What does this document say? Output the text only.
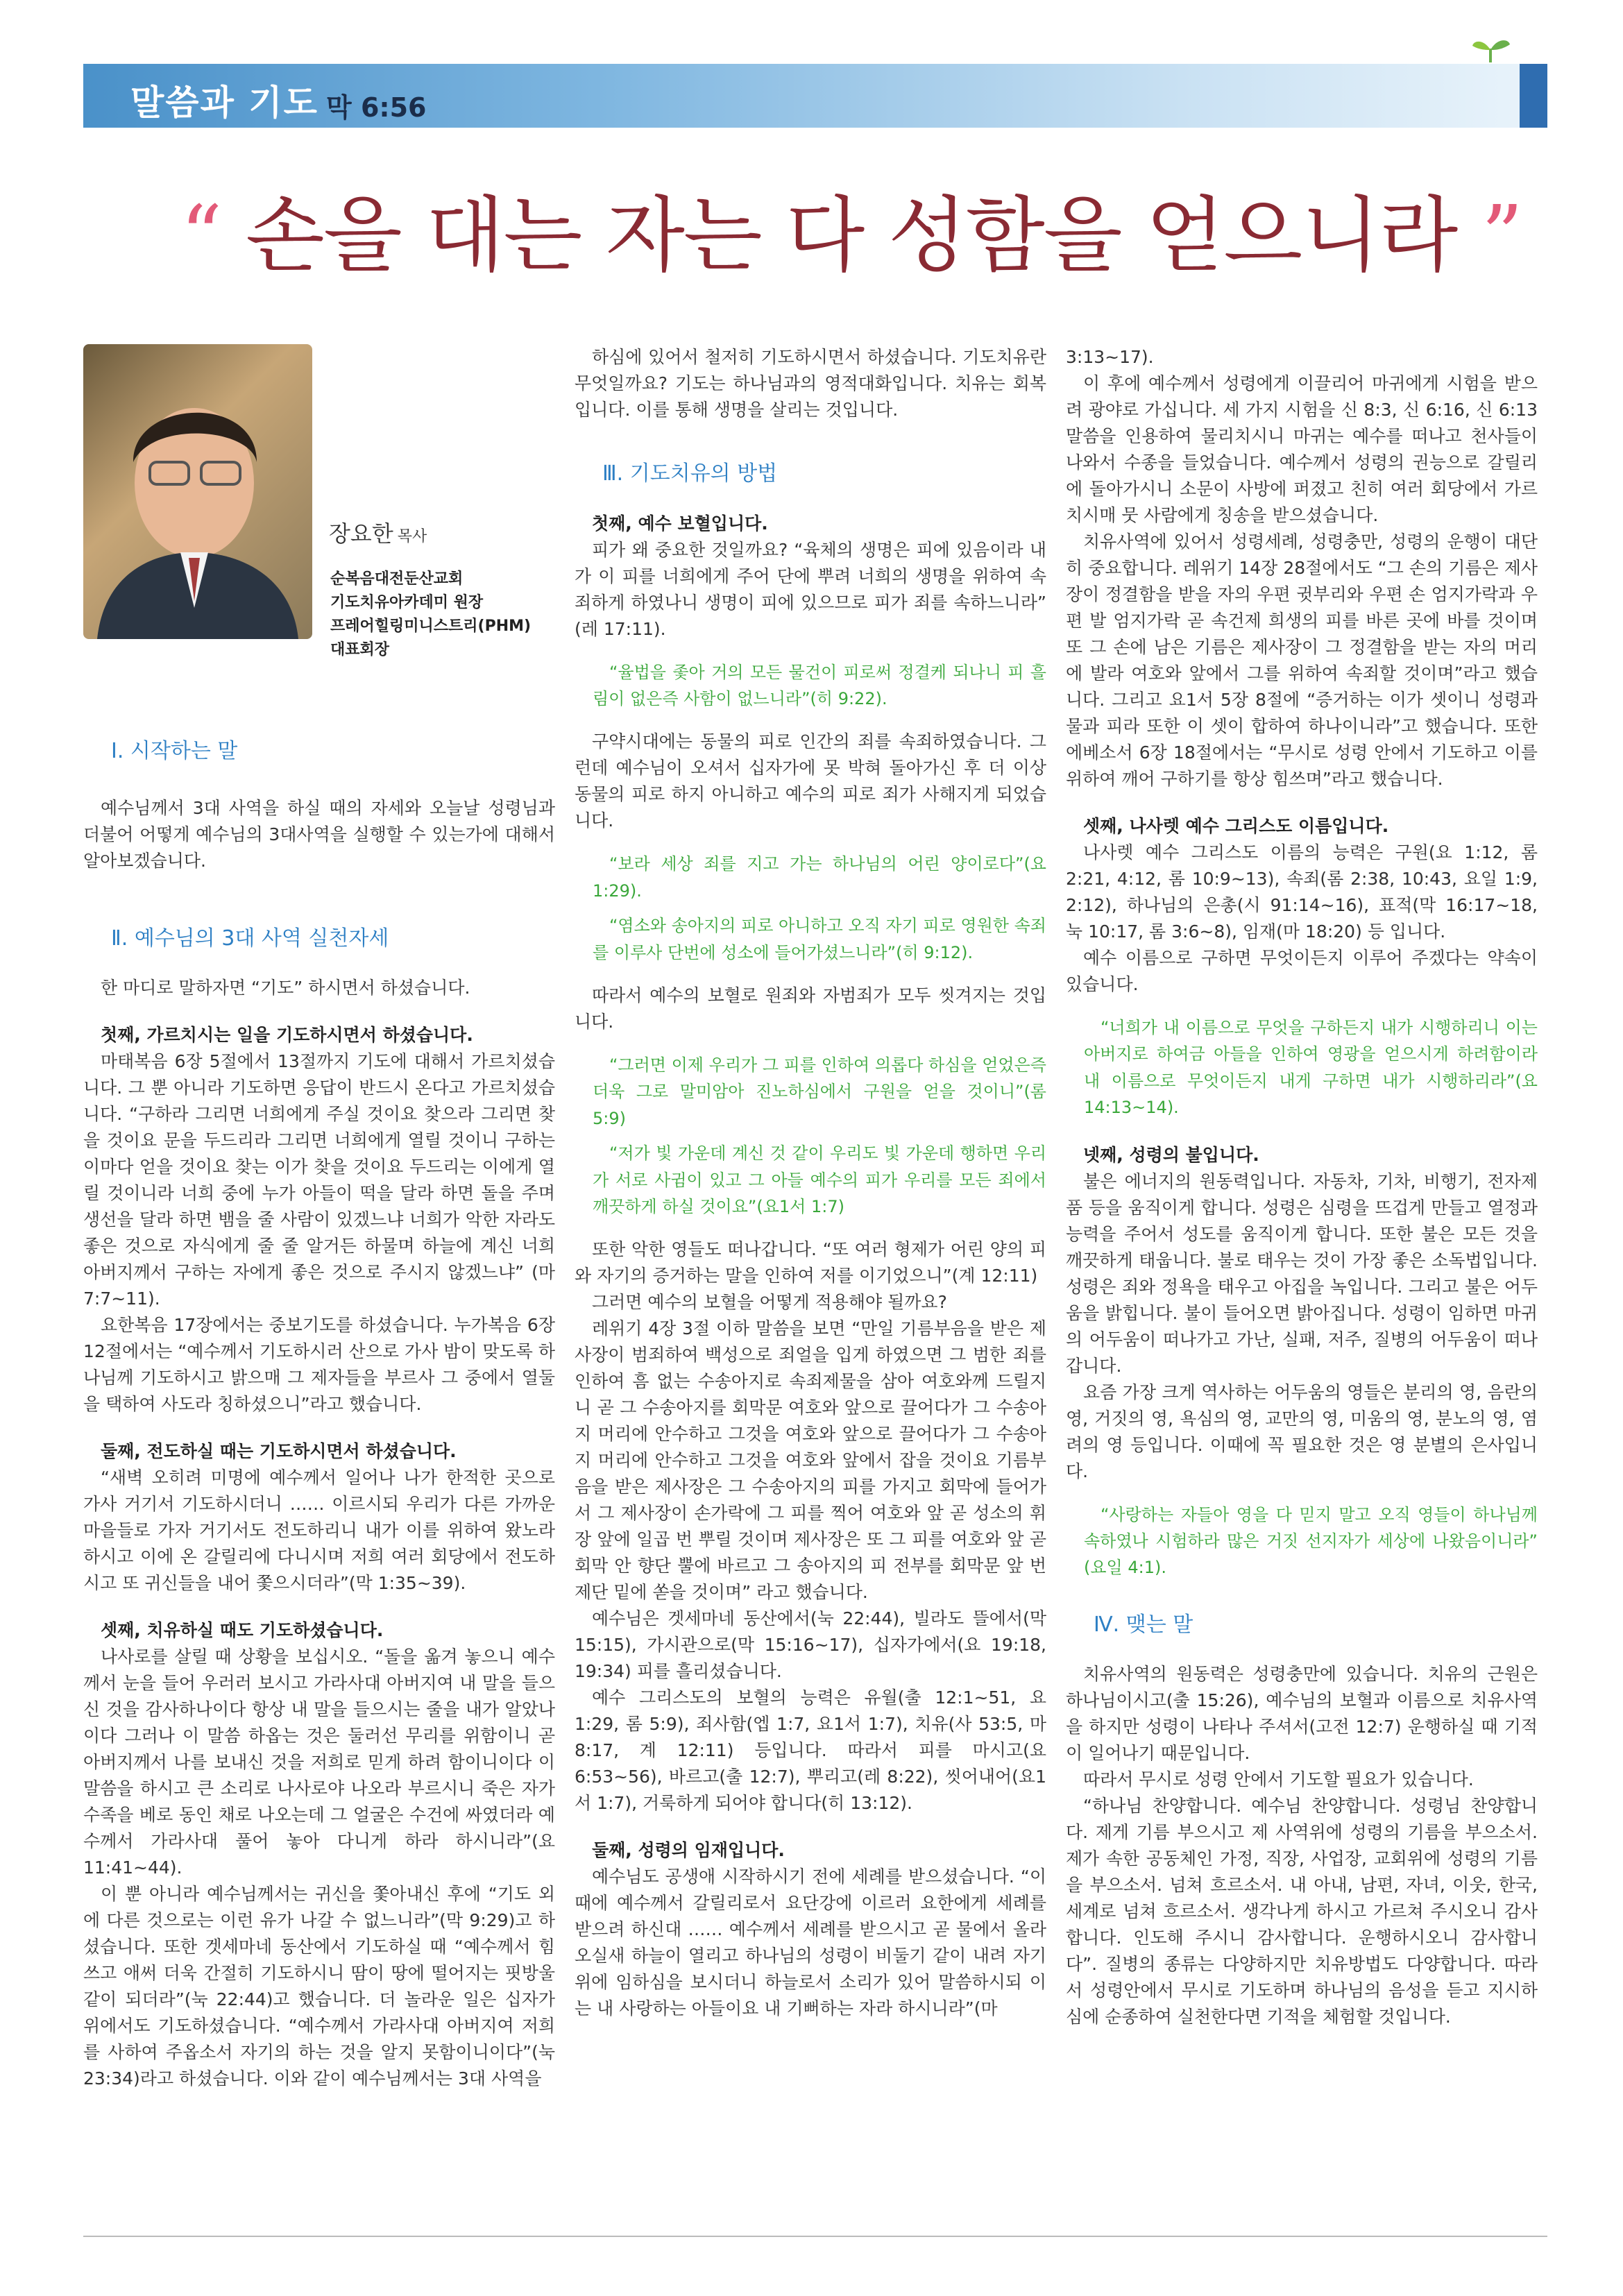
말씀과 기도 막 6:56
“ 손을 대는 자는 다 성함을 얻으니라 ”
장요한 목사
순복음대전둔산교회
기도치유아카데미 원장
프레어힐링미니스트리(PHM)
대표회장
Ⅰ. 시작하는 말

예수님께서 3대 사역을 하실 때의 자세와 오늘날 성령님과 더불어 어떻게 예수님의 3대사역을 실행할 수 있는가에 대해서 알아보겠습니다.

Ⅱ. 예수님의 3대 사역 실천자세

한 마디로 말하자면 “기도” 하시면서 하셨습니다.

첫째, 가르치시는 일을 기도하시면서 하셨습니다.

마태복음 6장 5절에서 13절까지 기도에 대해서 가르치셨습니다. 그 뿐 아니라 기도하면 응답이 반드시 온다고 가르치셨습니다. “구하라 그리면 너희에게 주실 것이요 찾으라 그리면 찾을 것이요 문을 두드리라 그리면 너희에게 열릴 것이니 구하는 이마다 얻을 것이요 찾는 이가 찾을 것이요 두드리는 이에게 열릴 것이니라 너희 중에 누가 아들이 떡을 달라 하면 돌을 주며 생선을 달라 하면 뱀을 줄 사람이 있겠느냐 너희가 악한 자라도 좋은 것으로 자식에게 줄 줄 알거든 하물며 하늘에 계신 너희 아버지께서 구하는 자에게 좋은 것으로 주시지 않겠느냐” (마 7:7~11).

요한복음 17장에서는 중보기도를 하셨습니다. 누가복음 6장 12절에서는 “예수께서 기도하시러 산으로 가사 밤이 맞도록 하나님께 기도하시고 밝으매 그 제자들을 부르사 그 중에서 열둘을 택하여 사도라 칭하셨으니”라고 했습니다.

둘째, 전도하실 때는 기도하시면서 하셨습니다.

“새벽 오히려 미명에 예수께서 일어나 나가 한적한 곳으로 가사 거기서 기도하시더니 …… 이르시되 우리가 다른 가까운 마을들로 가자 거기서도 전도하리니 내가 이를 위하여 왔노라 하시고 이에 온 갈릴리에 다니시며 저희 여러 회당에서 전도하시고 또 귀신들을 내어 쫓으시더라”(막 1:35~39).

셋째, 치유하실 때도 기도하셨습니다.

나사로를 살릴 때 상황을 보십시오. “돌을 옮겨 놓으니 예수께서 눈을 들어 우러러 보시고 가라사대 아버지여 내 말을 들으신 것을 감사하나이다 항상 내 말을 들으시는 줄을 내가 알았나이다 그러나 이 말씀 하옵는 것은 둘러선 무리를 위함이니 곧 아버지께서 나를 보내신 것을 저희로 믿게 하려 함이니이다 이 말씀을 하시고 큰 소리로 나사로야 나오라 부르시니 죽은 자가 수족을 베로 동인 채로 나오는데 그 얼굴은 수건에 싸였더라 예수께서 가라사대 풀어 놓아 다니게 하라 하시니라”(요 11:41~44).

이 뿐 아니라 예수님께서는 귀신을 쫓아내신 후에 “기도 외에 다른 것으로는 이런 유가 나갈 수 없느니라”(막 9:29)고 하셨습니다. 또한 겟세마네 동산에서 기도하실 때 “예수께서 힘쓰고 애써 더욱 간절히 기도하시니 땀이 땅에 떨어지는 핏방울 같이 되더라”(눅 22:44)고 했습니다. 더 놀라운 일은 십자가 위에서도 기도하셨습니다. “예수께서 가라사대 아버지여 저희를 사하여 주옵소서 자기의 하는 것을 알지 못함이니이다”(눅 23:34)라고 하셨습니다. 이와 같이 예수님께서는 3대 사역을

하심에 있어서 철저히 기도하시면서 하셨습니다. 기도치유란 무엇일까요? 기도는 하나님과의 영적대화입니다. 치유는 회복입니다. 이를 통해 생명을 살리는 것입니다.

Ⅲ. 기도치유의 방법
첫째, 예수 보혈입니다.

피가 왜 중요한 것일까요? “육체의 생명은 피에 있음이라 내가 이 피를 너희에게 주어 단에 뿌려 너희의 생명을 위하여 속죄하게 하였나니 생명이 피에 있으므로 피가 죄를 속하느니라” (레 17:11).

“율법을 좇아 거의 모든 물건이 피로써 정결케 되나니 피 흘림이 없은즉 사함이 없느니라”(히 9:22).

구약시대에는 동물의 피로 인간의 죄를 속죄하였습니다. 그런데 예수님이 오셔서 십자가에 못 박혀 돌아가신 후 더 이상 동물의 피로 하지 아니하고 예수의 피로 죄가 사해지게 되었습니다.

“보라 세상 죄를 지고 가는 하나님의 어린 양이로다”(요 1:29).

“염소와 송아지의 피로 아니하고 오직 자기 피로 영원한 속죄를 이루사 단번에 성소에 들어가셨느니라”(히 9:12).

따라서 예수의 보혈로 원죄와 자범죄가 모두 씻겨지는 것입니다.

“그러면 이제 우리가 그 피를 인하여 의롭다 하심을 얻었은즉 더욱 그로 말미암아 진노하심에서 구원을 얻을 것이니”(롬 5:9)

“저가 빛 가운데 계신 것 같이 우리도 빛 가운데 행하면 우리가 서로 사귐이 있고 그 아들 예수의 피가 우리를 모든 죄에서 깨끗하게 하실 것이요”(요1서 1:7)

또한 악한 영들도 떠나갑니다. “또 여러 형제가 어린 양의 피와 자기의 증거하는 말을 인하여 저를 이기었으니”(계 12:11)

그러면 예수의 보혈을 어떻게 적용해야 될까요?

레위기 4장 3절 이하 말씀을 보면 “만일 기름부음을 받은 제사장이 범죄하여 백성으로 죄얼을 입게 하였으면 그 범한 죄를 인하여 흠 없는 수송아지로 속죄제물을 삼아 여호와께 드릴지니 곧 그 수송아지를 회막문 여호와 앞으로 끌어다가 그 수송아지 머리에 안수하고 그것을 여호와 앞으로 끌어다가 그 수송아지 머리에 안수하고 그것을 여호와 앞에서 잡을 것이요 기름부음을 받은 제사장은 그 수송아지의 피를 가지고 회막에 들어가서 그 제사장이 손가락에 그 피를 찍어 여호와 앞 곧 성소의 휘장 앞에 일곱 번 뿌릴 것이며 제사장은 또 그 피를 여호와 앞 곧 회막 안 향단 뿔에 바르고 그 송아지의 피 전부를 회막문 앞 번제단 밑에 쏟을 것이며” 라고 했습니다.

예수님은 겟세마네 동산에서(눅 22:44), 빌라도 뜰에서(막 15:15), 가시관으로(막 15:16~17), 십자가에서(요 19:18, 19:34) 피를 흘리셨습니다.

예수 그리스도의 보혈의 능력은 유월(출 12:1~51, 요 1:29, 롬 5:9), 죄사함(엡 1:7, 요1서 1:7), 치유(사 53:5, 마 8:17, 계 12:11) 등입니다. 따라서 피를 마시고(요 6:53~56), 바르고(출 12:7), 뿌리고(레 8:22), 씻어내어(요1서 1:7), 거룩하게 되어야 합니다(히 13:12).

둘째, 성령의 임재입니다.

예수님도 공생애 시작하시기 전에 세례를 받으셨습니다. “이 때에 예수께서 갈릴리로서 요단강에 이르러 요한에게 세례를 받으려 하신대 …… 예수께서 세례를 받으시고 곧 물에서 올라오실새 하늘이 열리고 하나님의 성령이 비둘기 같이 내려 자기 위에 임하심을 보시더니 하늘로서 소리가 있어 말씀하시되 이는 내 사랑하는 아들이요 내 기뻐하는 자라 하시니라”(마

3:13~17).

이 후에 예수께서 성령에게 이끌리어 마귀에게 시험을 받으려 광야로 가십니다. 세 가지 시험을 신 8:3, 신 6:16, 신 6:13 말씀을 인용하여 물리치시니 마귀는 예수를 떠나고 천사들이 나와서 수종을 들었습니다. 예수께서 성령의 권능으로 갈릴리에 돌아가시니 소문이 사방에 퍼졌고 친히 여러 회당에서 가르치시매 뭇 사람에게 칭송을 받으셨습니다.

치유사역에 있어서 성령세례, 성령충만, 성령의 운행이 대단히 중요합니다. 레위기 14장 28절에서도 “그 손의 기름은 제사장이 정결함을 받을 자의 우편 귓부리와 우편 손 엄지가락과 우편 발 엄지가락 곧 속건제 희생의 피를 바른 곳에 바를 것이며 또 그 손에 남은 기름은 제사장이 그 정결함을 받는 자의 머리에 발라 여호와 앞에서 그를 위하여 속죄할 것이며”라고 했습니다. 그리고 요1서 5장 8절에 “증거하는 이가 셋이니 성령과 물과 피라 또한 이 셋이 합하여 하나이니라”고 했습니다. 또한 에베소서 6장 18절에서는 “무시로 성령 안에서 기도하고 이를 위하여 깨어 구하기를 항상 힘쓰며”라고 했습니다.

셋째, 나사렛 예수 그리스도 이름입니다.

나사렛 예수 그리스도 이름의 능력은 구원(요 1:12, 롬 2:21, 4:12, 롬 10:9~13), 속죄(롬 2:38, 10:43, 요일 1:9, 2:12), 하나님의 은총(시 91:14~16), 표적(막 16:17~18, 눅 10:17, 롬 3:6~8), 임재(마 18:20) 등 입니다.

예수 이름으로 구하면 무엇이든지 이루어 주겠다는 약속이 있습니다.

“너희가 내 이름으로 무엇을 구하든지 내가 시행하리니 이는 아버지로 하여금 아들을 인하여 영광을 얻으시게 하려함이라 내 이름으로 무엇이든지 내게 구하면 내가 시행하리라”(요 14:13~14).

넷째, 성령의 불입니다.

불은 에너지의 원동력입니다. 자동차, 기차, 비행기, 전자제품 등을 움직이게 합니다. 성령은 심령을 뜨겁게 만들고 열정과 능력을 주어서 성도를 움직이게 합니다. 또한 불은 모든 것을 깨끗하게 태웁니다. 불로 태우는 것이 가장 좋은 소독법입니다. 성령은 죄와 정욕을 태우고 아집을 녹입니다. 그리고 불은 어두움을 밝힙니다. 불이 들어오면 밝아집니다. 성령이 임하면 마귀의 어두움이 떠나가고 가난, 실패, 저주, 질병의 어두움이 떠나갑니다.

요즘 가장 크게 역사하는 어두움의 영들은 분리의 영, 음란의 영, 거짓의 영, 욕심의 영, 교만의 영, 미움의 영, 분노의 영, 염려의 영 등입니다. 이때에 꼭 필요한 것은 영 분별의 은사입니다.

“사랑하는 자들아 영을 다 믿지 말고 오직 영들이 하나님께 속하였나 시험하라 많은 거짓 선지자가 세상에 나왔음이니라” (요일 4:1).

Ⅳ. 맺는 말

치유사역의 원동력은 성령충만에 있습니다. 치유의 근원은 하나님이시고(출 15:26), 예수님의 보혈과 이름으로 치유사역을 하지만 성령이 나타나 주셔서(고전 12:7) 운행하실 때 기적이 일어나기 때문입니다.

따라서 무시로 성령 안에서 기도할 필요가 있습니다.

“하나님 찬양합니다. 예수님 찬양합니다. 성령님 찬양합니다. 제게 기름 부으시고 제 사역위에 성령의 기름을 부으소서. 제가 속한 공동체인 가정, 직장, 사업장, 교회위에 성령의 기름을 부으소서. 넘쳐 흐르소서. 내 아내, 남편, 자녀, 이웃, 한국, 세계로 넘쳐 흐르소서. 생각나게 하시고 가르쳐 주시오니 감사합니다. 인도해 주시니 감사합니다. 운행하시오니 감사합니다”. 질병의 종류는 다양하지만 치유방법도 다양합니다. 따라서 성령안에서 무시로 기도하며 하나님의 음성을 듣고 지시하심에 순종하여 실천한다면 기적을 체험할 것입니다.
